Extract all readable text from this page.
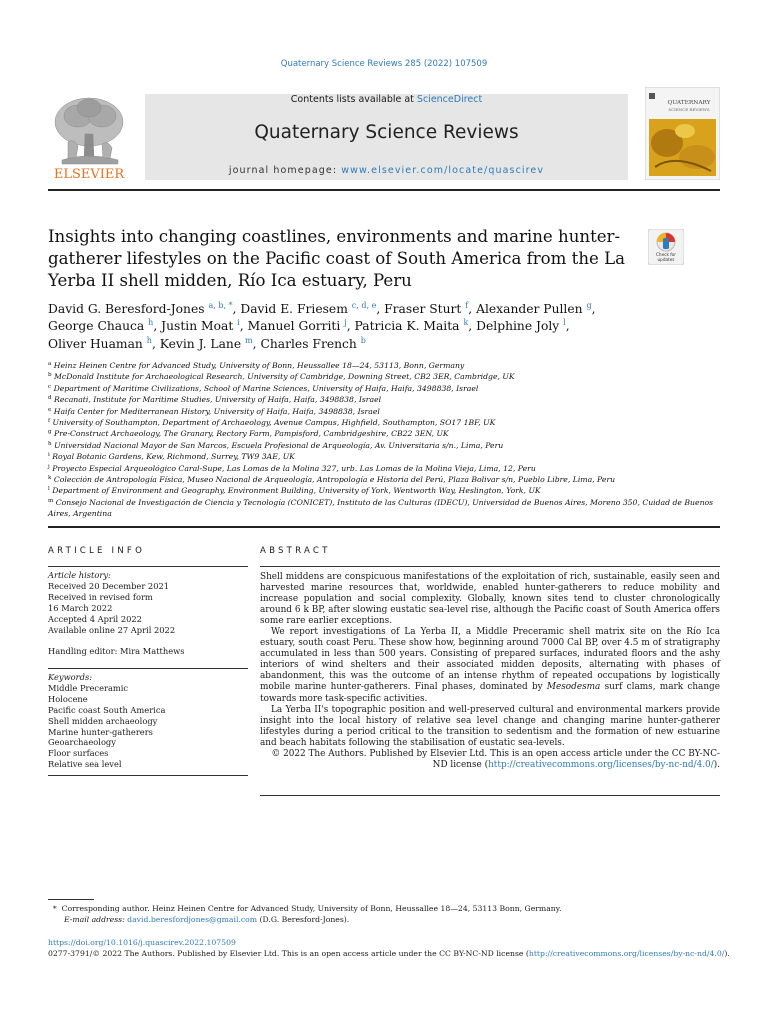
Quaternary Science Reviews 285 (2022) 107509
Contents lists available at ScienceDirect
Quaternary Science Reviews
journal homepage: www.elsevier.com/locate/quascirev
ELSEVIER
QUATERNARY
SCIENCE REVIEWS
Insights into changing coastlines, environments and marine hunter-gatherer lifestyles on the Pacific coast of South America from the La Yerba II shell midden, Río Ica estuary, Peru
Check for
updates
David G. Beresford-Jones $^{a, b, *}$, David E. Friesem $^{c, d, e}$, Fraser Sturt $^f$, Alexander Pullen $^g$,
George Chauca $^h$, Justin Moat $^i$, Manuel Gorriti $^j$, Patricia K. Maita $^k$, Delphine Joly $^l$,
Oliver Huaman $^h$, Kevin J. Lane $^m$, Charles French $^b$
$^a$ Heinz Heinen Centre for Advanced Study, University of Bonn, Heussallee 18—24, 53113, Bonn, Germany
$^b$ McDonald Institute for Archaeological Research, University of Cambridge, Downing Street, CB2 3ER, Cambridge, UK
$^c$ Department of Maritime Civilizations, School of Marine Sciences, University of Haifa, Haifa, 3498838, Israel
$^d$ Recanati, Institute for Maritime Studies, University of Haifa, Haifa, 3498838, Israel
$^e$ Haifa Center for Mediterranean History, University of Haifa, Haifa, 3498838, Israel
$^f$ University of Southampton, Department of Archaeology, Avenue Campus, Highfield, Southampton, SO17 1BF, UK
$^g$ Pre-Construct Archaeology, The Granary, Rectory Farm, Pampisford, Cambridgeshire, CB22 3EN, UK
$^h$ Universidad Nacional Mayor de San Marcos, Escuela Profesional de Arqueología, Av. Universitaria s/n., Lima, Peru
$^i$ Royal Botanic Gardens, Kew, Richmond, Surrey, TW9 3AE, UK
$^j$ Proyecto Especial Arqueológico Caral-Supe, Las Lomas de la Molina 327, urb. Las Lomas de la Molina Vieja, Lima, 12, Peru
$^k$ Colección de Antropología Física, Museo Nacional de Arqueología, Antropología e Historia del Perú, Plaza Bolivar s/n, Pueblo Libre, Lima, Peru
$^l$ Department of Environment and Geography, Environment Building, University of York, Wentworth Way, Heslington, York, UK
$^m$ Consejo Nacional de Investigación de Ciencia y Tecnología (CONICET), Instituto de las Culturas (IDECU), Universidad de Buenos Aires, Moreno 350, Cuidad de Buenos Aires, Argentina
ARTICLE INFO
Article history:
Received 20 December 2021
Received in revised form
16 March 2022
Accepted 4 April 2022
Available online 27 April 2022
Handling editor: Mira Matthews
Keywords:
Middle Preceramic
Holocene
Pacific coast South America
Shell midden archaeology
Marine hunter-gatherers
Geoarchaeology
Floor surfaces
Relative sea level
ABSTRACT

Shell middens are conspicuous manifestations of the exploitation of rich, sustainable, easily seen and harvested marine resources that, worldwide, enabled hunter-gatherers to reduce mobility and increase population and social complexity. Globally, known sites tend to cluster chronologically around 6 k BP, after slowing eustatic sea-level rise, although the Pacific coast of South America offers some rare earlier exceptions.

We report investigations of La Yerba II, a Middle Preceramic shell matrix site on the Río Ica estuary, south coast Peru. These show how, beginning around 7000 Cal BP, over 4.5 m of stratigraphy accumulated in less than 500 years. Consisting of prepared surfaces, indurated floors and the ashy interiors of wind shelters and their associated midden deposits, alternating with phases of abandonment, this was the outcome of an intense rhythm of repeated occupations by logistically mobile marine hunter-gatherers. Final phases, dominated by Mesodesma surf clams, mark change towards more task-specific activities.

La Yerba II's topographic position and well-preserved cultural and environmental markers provide insight into the local history of relative sea level change and changing marine hunter-gatherer lifestyles during a period critical to the transition to sedentism and the formation of new estuarine and beach habitats following the stabilisation of eustatic sea-levels.

© 2022 The Authors. Published by Elsevier Ltd. This is an open access article under the CC BY-NC-ND license (http://creativecommons.org/licenses/by-nc-nd/4.0/).

* Corresponding author. Heinz Heinen Centre for Advanced Study, University of Bonn, Heussallee 18—24, 53113 Bonn, Germany.
E-mail address: david.beresfordjones@gmail.com (D.G. Beresford-Jones).
https://doi.org/10.1016/j.quascirev.2022.107509
0277-3791/© 2022 The Authors. Published by Elsevier Ltd. This is an open access article under the CC BY-NC-ND license (http://creativecommons.org/licenses/by-nc-nd/4.0/).
